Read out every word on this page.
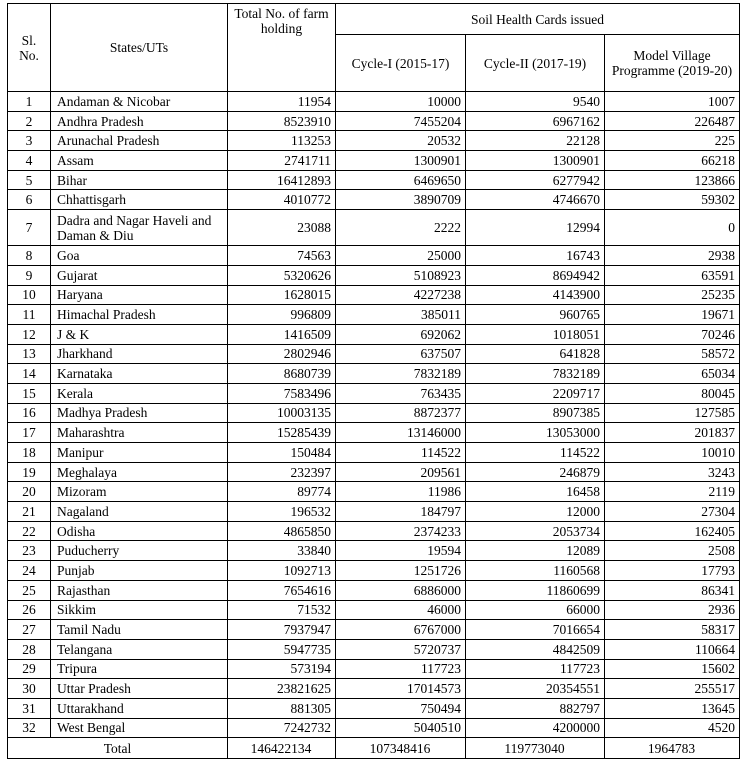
Sl. No.	States/UTs	Total No. of farm holding	Soil Health Cards issued		
			Cycle-I (2015-17)	Cycle-II (2017-19)	Model Village Programme (2019-20)
1	Andaman & Nicobar	11954	10000	9540	1007
2	Andhra Pradesh	8523910	7455204	6967162	226487
3	Arunachal Pradesh	113253	20532	22128	225
4	Assam	2741711	1300901	1300901	66218
5	Bihar	16412893	6469650	6277942	123866
6	Chhattisgarh	4010772	3890709	4746670	59302
7	Dadra and Nagar Haveli and Daman & Diu	23088	2222	12994	0
8	Goa	74563	25000	16743	2938
9	Gujarat	5320626	5108923	8694942	63591
10	Haryana	1628015	4227238	4143900	25235
11	Himachal Pradesh	996809	385011	960765	19671
12	J & K	1416509	692062	1018051	70246
13	Jharkhand	2802946	637507	641828	58572
14	Karnataka	8680739	7832189	7832189	65034
15	Kerala	7583496	763435	2209717	80045
16	Madhya Pradesh	10003135	8872377	8907385	127585
17	Maharashtra	15285439	13146000	13053000	201837
18	Manipur	150484	114522	114522	10010
19	Meghalaya	232397	209561	246879	3243
20	Mizoram	89774	11986	16458	2119
21	Nagaland	196532	184797	12000	27304
22	Odisha	4865850	2374233	2053734	162405
23	Puducherry	33840	19594	12089	2508
24	Punjab	1092713	1251726	1160568	17793
25	Rajasthan	7654616	6886000	11860699	86341
26	Sikkim	71532	46000	66000	2936
27	Tamil Nadu	7937947	6767000	7016654	58317
28	Telangana	5947735	5720737	4842509	110664
29	Tripura	573194	117723	117723	15602
30	Uttar Pradesh	23821625	17014573	20354551	255517
31	Uttarakhand	881305	750494	882797	13645
32	West Bengal	7242732	5040510	4200000	4520
Total		146422134	107348416	119773040	1964783
